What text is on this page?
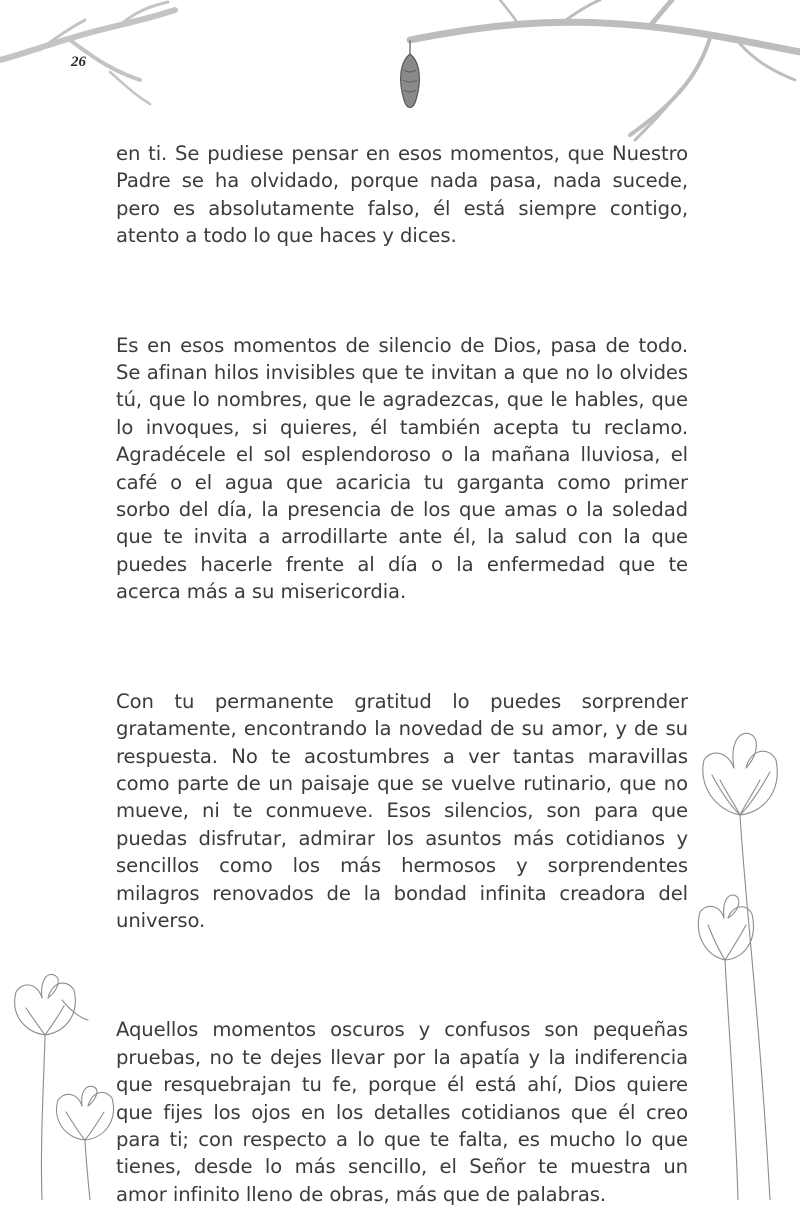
26

en ti. Se pudiese pensar en esos momentos, que Nuestro Padre se ha olvidado, porque nada pasa, nada sucede, pero es absolutamente falso, él está siempre contigo, atento a todo lo que haces y dices.

Es en esos momentos de silencio de Dios, pasa de todo. Se afinan hilos invisibles que te invitan a que no lo olvides tú, que lo nombres, que le agradezcas, que le hables, que lo invoques, si quieres, él también acepta tu reclamo. Agradécele el sol esplendoroso o la mañana lluviosa, el café o el agua que acaricia tu garganta como primer sorbo del día, la presencia de los que amas o la soledad que te invita a arrodillarte ante él, la salud con la que puedes hacerle frente al día o la enfermedad que te acerca más a su misericordia.

Con tu permanente gratitud lo puedes sorprender gratamente, encontrando la novedad de su amor, y de su respuesta. No te acostumbres a ver tantas maravillas como parte de un paisaje que se vuelve rutinario, que no mueve, ni te conmueve. Esos silencios, son para que puedas disfrutar, admirar los asuntos más cotidianos y sencillos como los más hermosos y sorprendentes milagros renovados de la bondad infinita creadora del universo.

Aquellos momentos oscuros y confusos son pequeñas pruebas, no te dejes llevar por la apatía y la indiferencia que resquebrajan tu fe, porque él está ahí, Dios quiere que fijes los ojos en los detalles cotidianos que él creo para ti; con respecto a lo que te falta, es mucho lo que tienes, desde lo más sencillo, el Señor te muestra un amor infinito lleno de obras, más que de palabras.
